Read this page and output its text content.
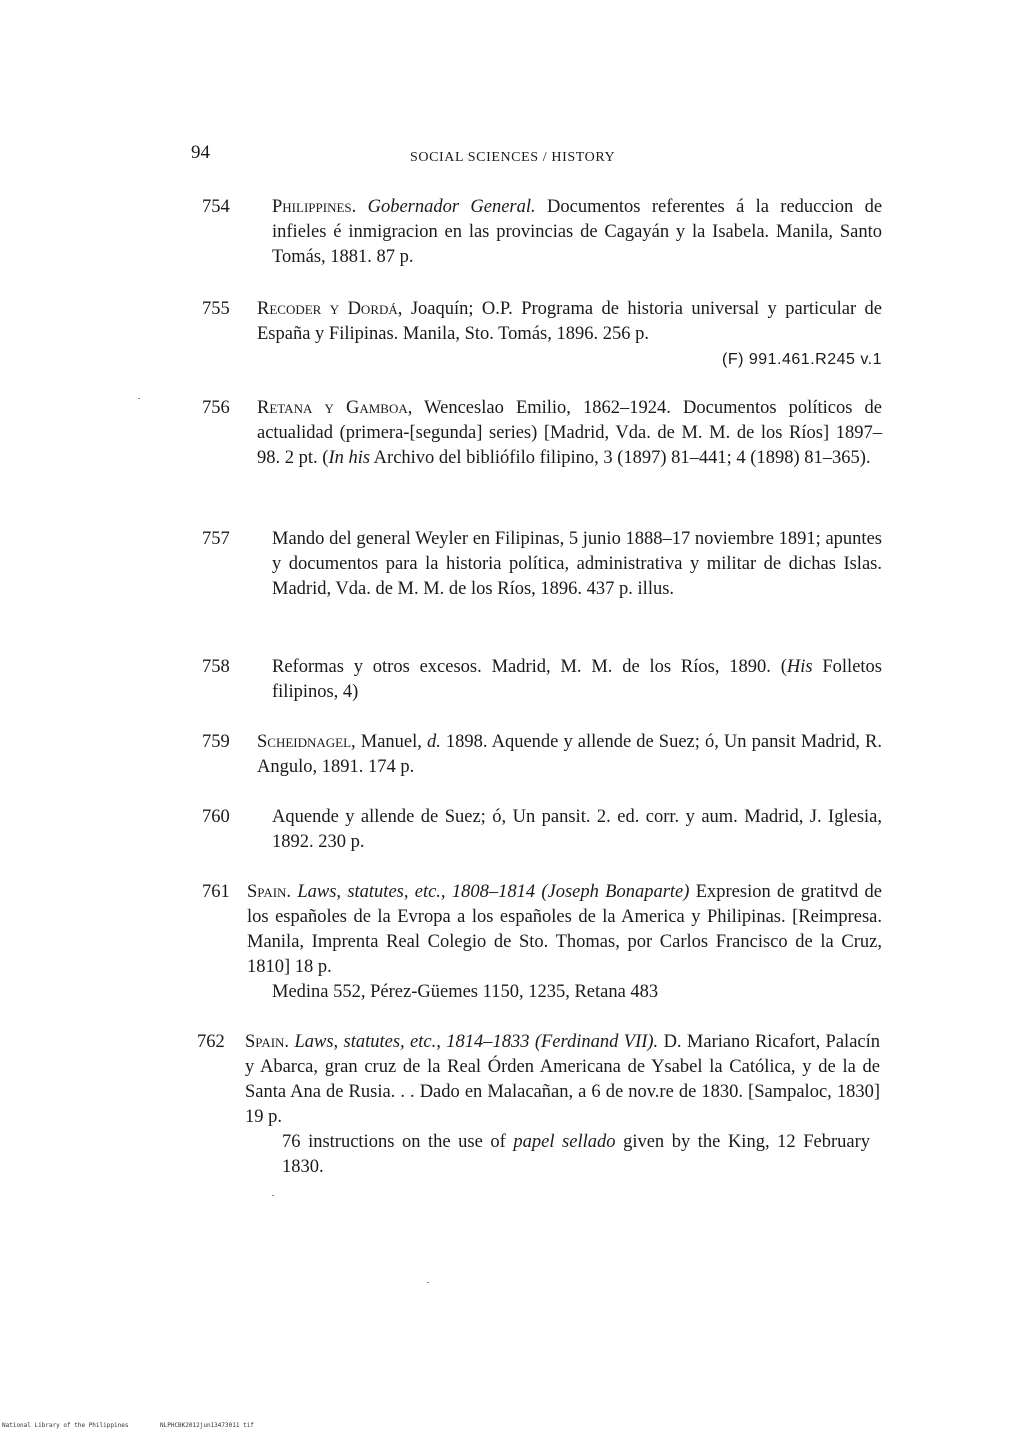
94	SOCIAL SCIENCES / HISTORY
754	Philippines. Gobernador General. Documentos referentes á la reduccion de infieles é inmigracion en las provincias de Cagayán y la Isabela. Manila, Santo Tomás, 1881. 87 p.
755	Recoder y Dordá, Joaquín; O.P. Programa de historia universal y particular de España y Filipinas. Manila, Sto. Tomás, 1896. 256 p.

(F) 991.461.R245 v.1
756	Retana y Gamboa, Wenceslao Emilio, 1862–1924. Documentos políticos de actualidad (primera-[segunda] series) [Madrid, Vda. de M. M. de los Ríos] 1897–98. 2 pt. (In his Archivo del bibliófilo filipino, 3 (1897) 81–441; 4 (1898) 81–365).
757	Mando del general Weyler en Filipinas, 5 junio 1888–17 noviembre 1891; apuntes y documentos para la historia política, administrativa y militar de dichas Islas. Madrid, Vda. de M. M. de los Ríos, 1896. 437 p. illus.
758	Reformas y otros excesos. Madrid, M. M. de los Ríos, 1890. (His Folletos filipinos, 4)
759	Scheidnagel, Manuel, d. 1898. Aquende y allende de Suez; ó, Un pansit Madrid, R. Angulo, 1891. 174 p.
760	Aquende y allende de Suez; ó, Un pansit. 2. ed. corr. y aum. Madrid, J. Iglesia, 1892. 230 p.
761 Spain. Laws, statutes, etc., 1808–1814 (Joseph Bonaparte) Expresion de gratitvd de los españoles de la Evropa a los españoles de la America y Philipinas. [Reimpresa. Manila, Imprenta Real Colegio de Sto. Thomas, por Carlos Francisco de la Cruz, 1810] 18 p.

Medina 552, Pérez-Güemes 1150, 1235, Retana 483

762	Spain. Laws, statutes, etc., 1814–1833 (Ferdinand VII). D. Mariano Ricafort, Palacín y Abarca, gran cruz de la Real Órden Americana de Ysabel la Católica, y de la de Santa Ana de Rusia. . . Dado en Malacañan, a 6 de nov.re de 1830. [Sampaloc, 1830] 19 p.

76 instructions on the use of papel sellado given by the King, 12 February 1830.

National Library of the Philippines	NLPHCBK2012jun13473011 tif
